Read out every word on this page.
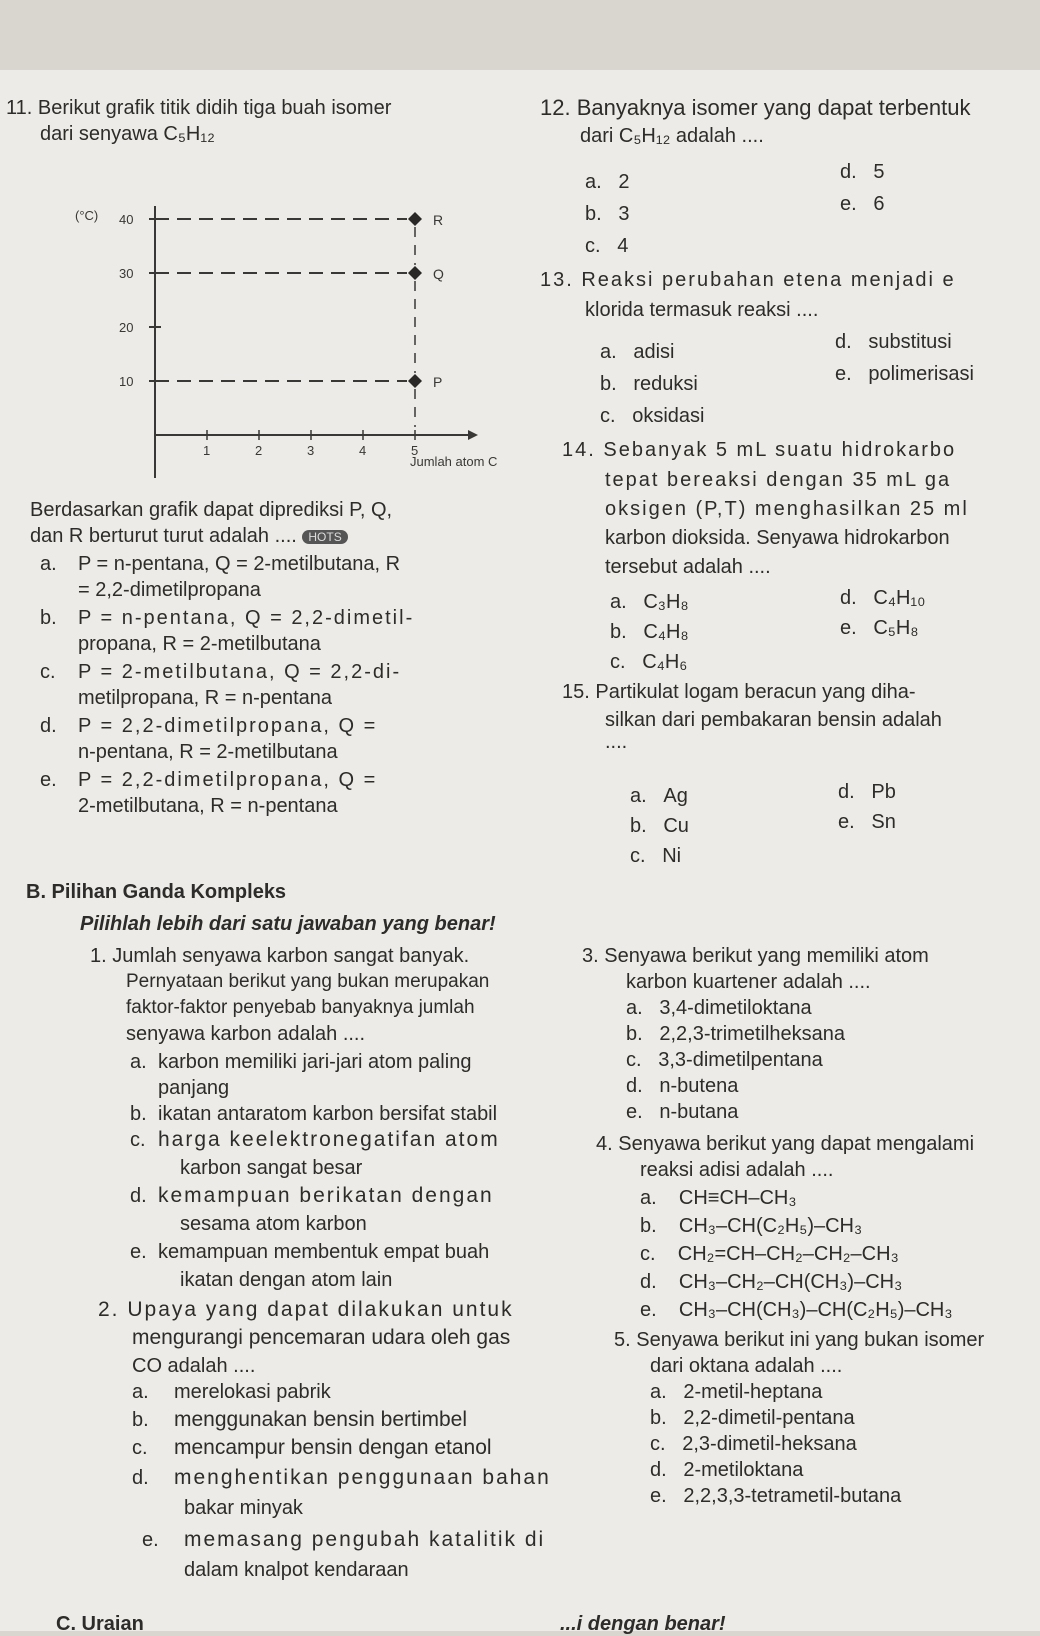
11. Berikut grafik titik didih tiga buah isomer
dari senyawa C₅H₁₂
10
20
30
40
1	2	3	4	5
R
Q
P
(°C)
Jumlah atom C
Berdasarkan grafik dapat diprediksi P, Q,
dan R berturut turut adalah .... HOTS
a. P = n-pentana, Q = 2-metilbutana, R
= 2,2-dimetilpropana
b. P = n-pentana, Q = 2,2-dimetil-
propana, R = 2-metilbutana
c. P = 2-metilbutana, Q = 2,2-di-
metilpropana, R = n-pentana
d. P = 2,2-dimetilpropana, Q =
n-pentana, R = 2-metilbutana
e. P = 2,2-dimetilpropana, Q =
2-metilbutana, R = n-pentana
12. Banyaknya isomer yang dapat terbentuk
dari C₅H₁₂ adalah ....
a. 2
b. 3
c. 4
d. 5
e. 6
13. Reaksi perubahan etena menjadi e
klorida termasuk reaksi ....
a. adisi
b. reduksi
c. oksidasi
d. substitusi
e. polimerisasi
14. Sebanyak 5 mL suatu hidrokarbo
tepat bereaksi dengan 35 mL ga
oksigen (P,T) menghasilkan 25 ml
karbon dioksida. Senyawa hidrokarbon
tersebut adalah ....
a. C₃H₈
b. C₄H₈
c. C₄H₆
d. C₄H₁₀
e. C₅H₈
15. Partikulat logam beracun yang diha-
silkan dari pembakaran bensin adalah
....
a. Ag
b. Cu
c. Ni
d. Pb
e. Sn
B. Pilihan Ganda Kompleks
Pilihlah lebih dari satu jawaban yang benar!
1. Jumlah senyawa karbon sangat banyak.
Pernyataan berikut yang bukan merupakan
faktor-faktor penyebab banyaknya jumlah
senyawa karbon adalah ....
a. karbon memiliki jari-jari atom paling
panjang
b. ikatan antaratom karbon bersifat stabil
c. harga keelektronegatifan atom
karbon sangat besar
d. kemampuan berikatan dengan
sesama atom karbon
e. kemampuan membentuk empat buah
ikatan dengan atom lain
2. Upaya yang dapat dilakukan untuk
mengurangi pencemaran udara oleh gas
CO adalah ....
a. merelokasi pabrik
b. menggunakan bensin bertimbel
c. mencampur bensin dengan etanol
d. menghentikan penggunaan bahan
bakar minyak
e. memasang pengubah katalitik di
dalam knalpot kendaraan
3. Senyawa berikut yang memiliki atom
karbon kuartener adalah ....
a. 3,4-dimetiloktana
b. 2,2,3-trimetilheksana
c. 3,3-dimetilpentana
d. n-butena
e. n-butana
4. Senyawa berikut yang dapat mengalami
reaksi adisi adalah ....
a. CH≡CH–CH₃
b. CH₃–CH(C₂H₅)–CH₃
c. CH₂=CH–CH₂–CH₂–CH₃
d. CH₃–CH₂–CH(CH₃)–CH₃
e. CH₃–CH(CH₃)–CH(C₂H₅)–CH₃
5. Senyawa berikut ini yang bukan isomer
dari oktana adalah ....
a. 2-metil-heptana
b. 2,2-dimetil-pentana
c. 2,3-dimetil-heksana
d. 2-metiloktana
e. 2,2,3,3-tetrametil-butana
C. Uraian	...i dengan benar!
